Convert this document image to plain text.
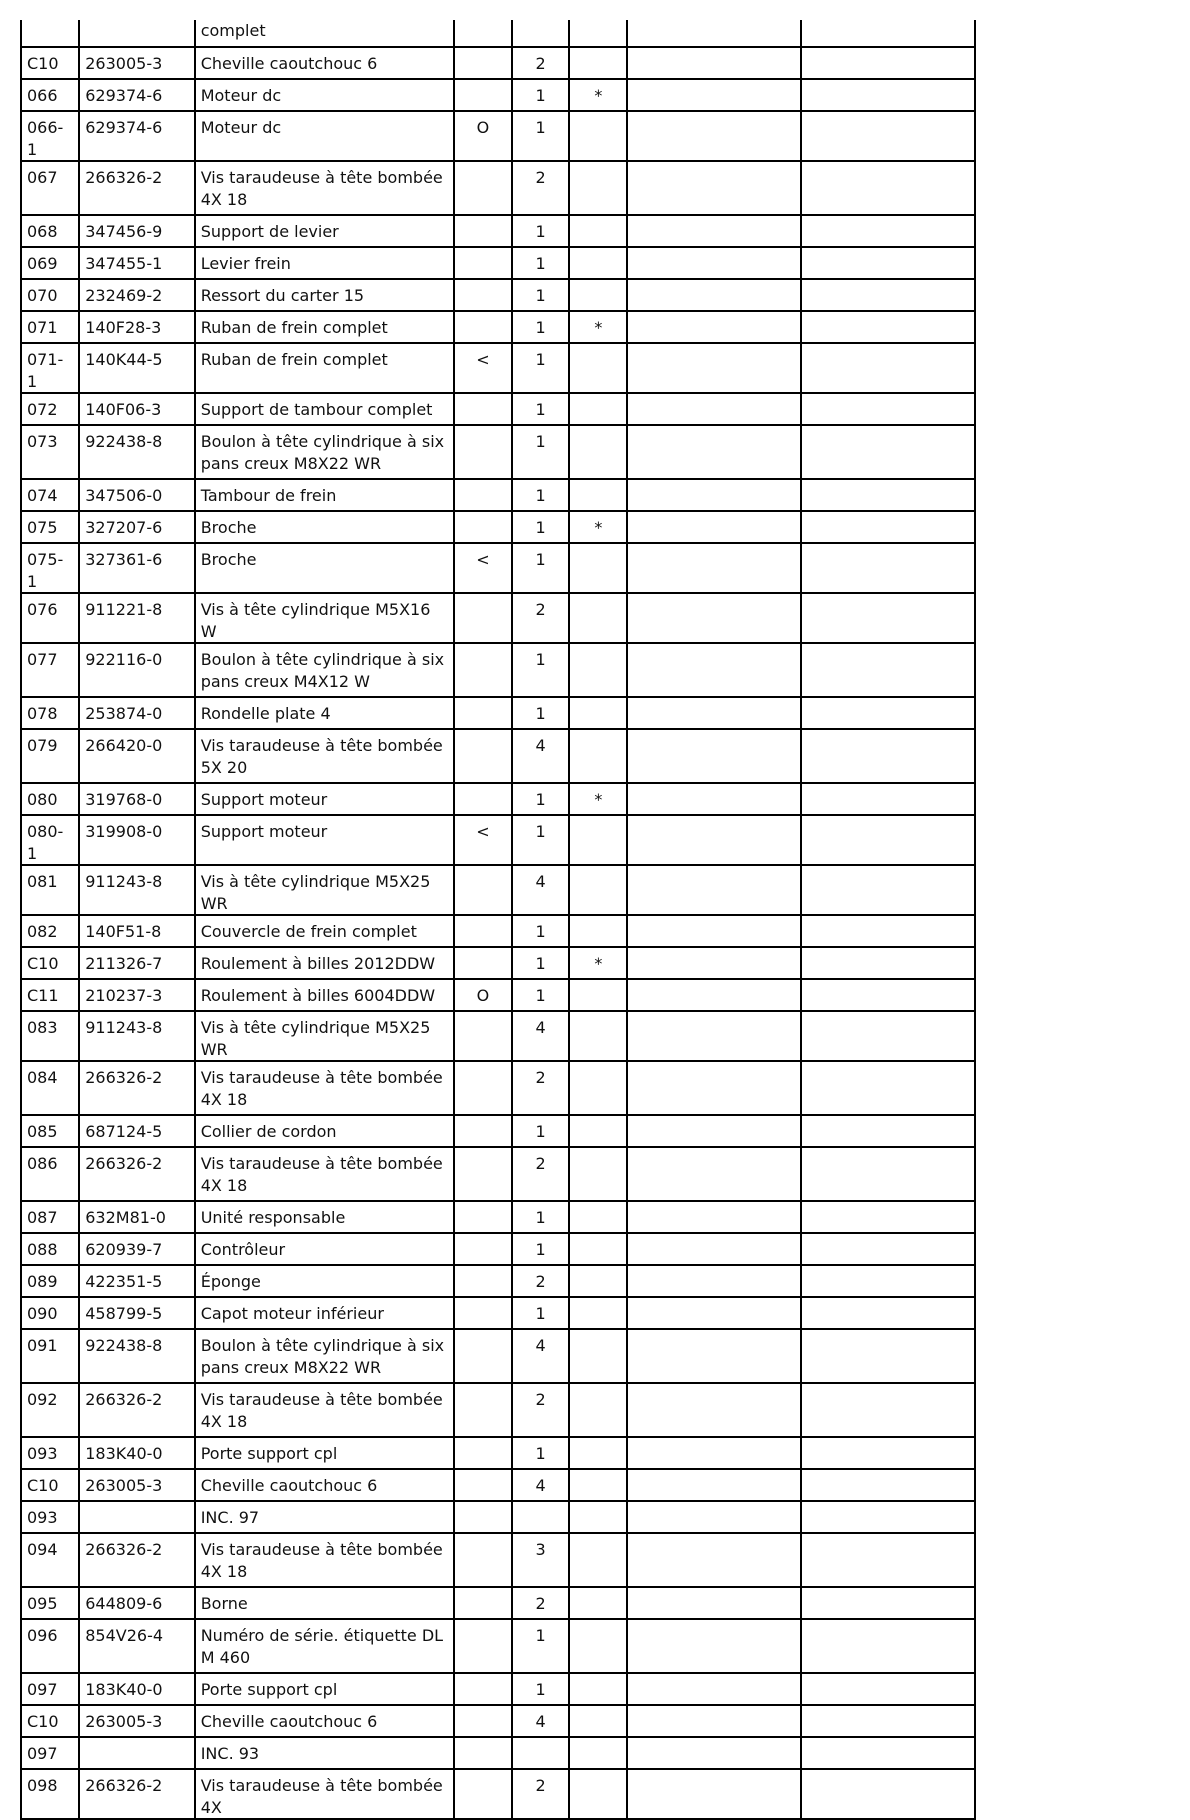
		complet					
C10	263005-3	Cheville caoutchouc 6		2			
066	629374-6	Moteur dc		1	*		
066-1	629374-6	Moteur dc	O	1			
067	266326-2	Vis taraudeuse à tête bombée 4X 18		2			
068	347456-9	Support de levier		1			
069	347455-1	Levier frein		1			
070	232469-2	Ressort du carter 15		1			
071	140F28-3	Ruban de frein complet		1	*		
071-1	140K44-5	Ruban de frein complet	<	1			
072	140F06-3	Support de tambour complet		1			
073	922438-8	Boulon à tête cylindrique à six pans creux M8X22 WR		1			
074	347506-0	Tambour de frein		1			
075	327207-6	Broche		1	*		
075-1	327361-6	Broche	<	1			
076	911221-8	Vis à tête cylindrique M5X16 W		2			
077	922116-0	Boulon à tête cylindrique à six pans creux M4X12 W		1			
078	253874-0	Rondelle plate 4		1			
079	266420-0	Vis taraudeuse à tête bombée 5X 20		4			
080	319768-0	Support moteur		1	*		
080-1	319908-0	Support moteur	<	1			
081	911243-8	Vis à tête cylindrique M5X25 WR		4			
082	140F51-8	Couvercle de frein complet		1			
C10	211326-7	Roulement à billes 2012DDW		1	*		
C11	210237-3	Roulement à billes 6004DDW	O	1			
083	911243-8	Vis à tête cylindrique M5X25 WR		4			
084	266326-2	Vis taraudeuse à tête bombée 4X 18		2			
085	687124-5	Collier de cordon		1			
086	266326-2	Vis taraudeuse à tête bombée 4X 18		2			
087	632M81-0	Unité responsable		1			
088	620939-7	Contrôleur		1			
089	422351-5	Éponge		2			
090	458799-5	Capot moteur inférieur		1			
091	922438-8	Boulon à tête cylindrique à six pans creux M8X22 WR		4			
092	266326-2	Vis taraudeuse à tête bombée 4X 18		2			
093	183K40-0	Porte support cpl		1			
C10	263005-3	Cheville caoutchouc 6		4			
093		INC. 97					
094	266326-2	Vis taraudeuse à tête bombée 4X 18		3			
095	644809-6	Borne		2			
096	854V26-4	Numéro de série. étiquette DLM 460		1			
097	183K40-0	Porte support cpl		1			
C10	263005-3	Cheville caoutchouc 6		4			
097		INC. 93					
098	266326-2	Vis taraudeuse à tête bombée 4X		2			
